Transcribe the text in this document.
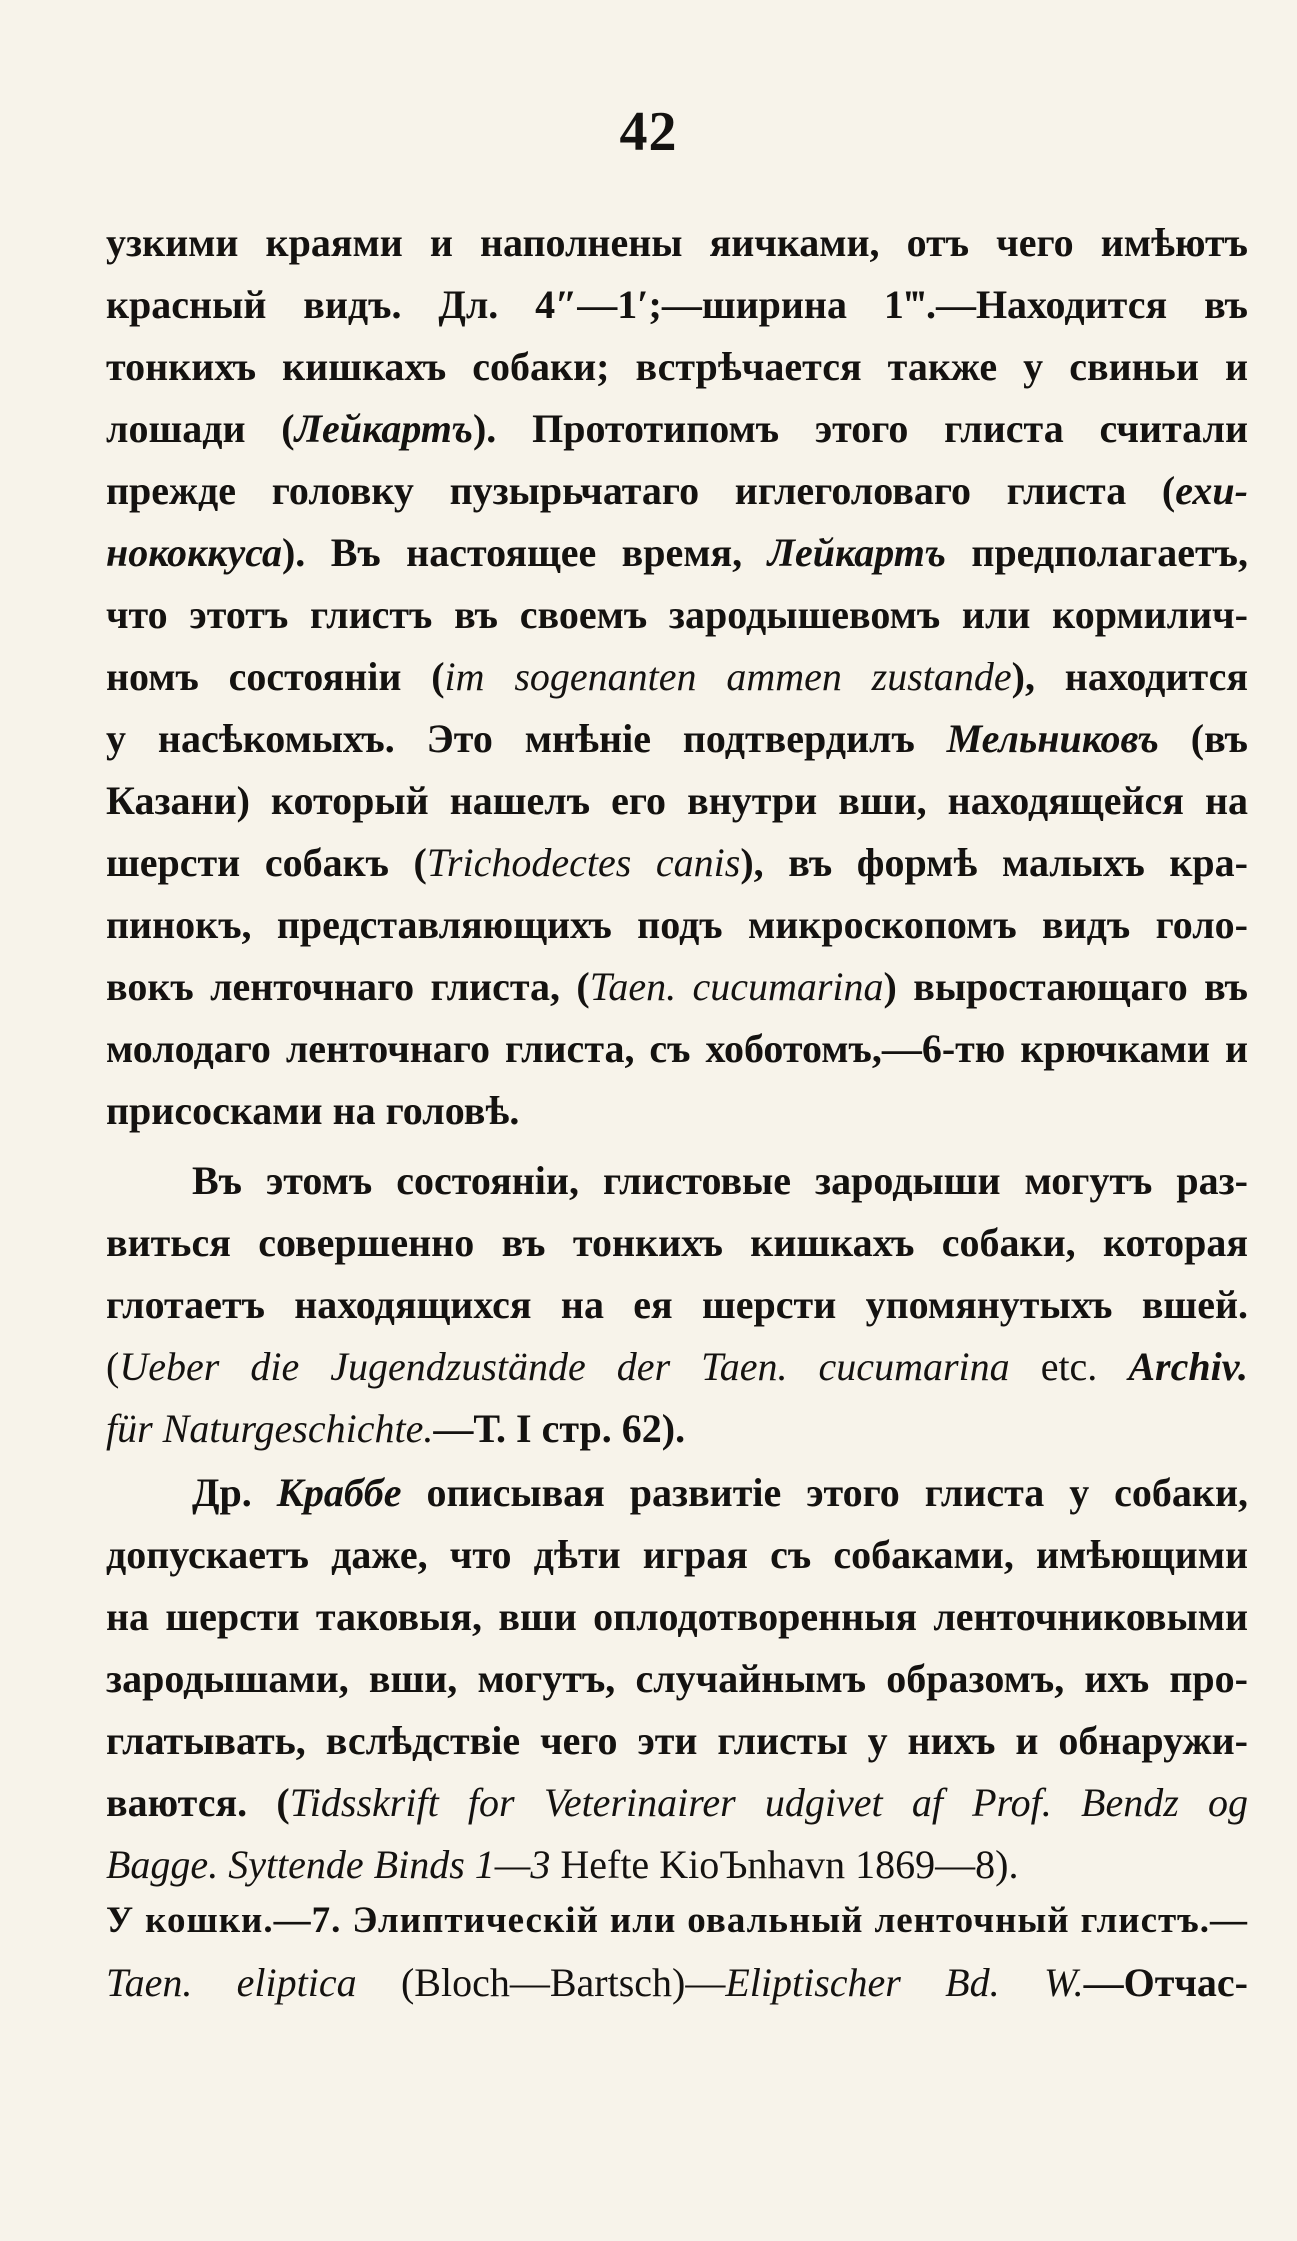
42
узкими краями и наполнены яичками, отъ чего имѣютъ
красный видъ. Дл. 4″—1′;—ширина 1‴.—Находится въ
тонкихъ кишкахъ собаки; встрѣчается также у свиньи и
лошади (Лейкартъ). Прототипомъ этого глиста считали
прежде головку пузырьчатаго иглеголоваго глиста (ехи-
нококкуса). Въ настоящее время, Лейкартъ предполагаетъ,
что этотъ глистъ въ своемъ зародышевомъ или кормилич-
номъ состояніи (im sogenanten ammen zustande), находится
у насѣкомыхъ. Это мнѣніе подтвердилъ Мельниковъ (въ
Казани) который нашелъ его внутри вши, находящейся на
шерсти собакъ (Trichodectes canis), въ формѣ малыхъ кра-
пинокъ, представляющихъ подъ микроскопомъ видъ голо-
вокъ ленточнаго глиста, (Taen. cucumarina) выростающаго въ
молодаго ленточнаго глиста, съ хоботомъ,—6-тю крючками и
присосками на головѣ.
Въ этомъ состояніи, глистовые зародыши могутъ раз-
виться совершенно въ тонкихъ кишкахъ собаки, которая
глотаетъ находящихся на ея шерсти упомянутыхъ вшей.
(Ueber die Jugendzustände der Taen. cucumarina etc. Archiv.
für Naturgeschichte.—Т. I стр. 62).
Др. Краббе описывая развитіе этого глиста у собаки,
допускаетъ даже, что дѣти играя съ собаками, имѣющими
на шерсти таковыя, вши оплодотворенныя ленточниковыми
зародышами, вши, могутъ, случайнымъ образомъ, ихъ про-
глатывать, вслѣдствіе чего эти глисты у нихъ и обнаружи-
ваются. (Tidsskrift for Veterinairer udgivet af Prof. Bendz og
Bagge. Syttende Binds 1—3 Hefte KioЪnhavn 1869—8).
У кошки.—7. Элиптическій или овальный ленточный глистъ.—
Taen. eliptica (Bloch—Bartsch)—Eliptischer Bd. W.—Отчас-
